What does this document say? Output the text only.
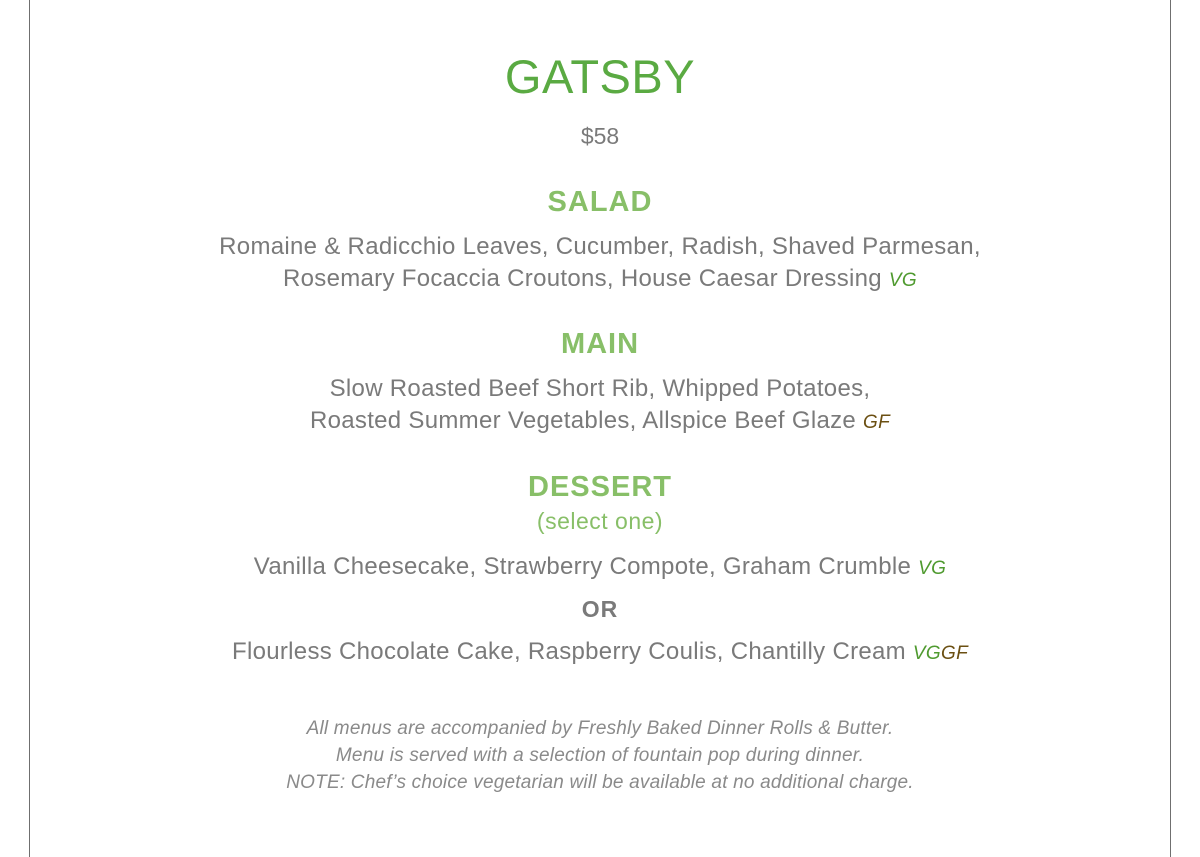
GATSBY
$58
SALAD
Romaine & Radicchio Leaves, Cucumber, Radish, Shaved Parmesan,
Rosemary Focaccia Croutons, House Caesar Dressing VG
MAIN
Slow Roasted Beef Short Rib, Whipped Potatoes,
Roasted Summer Vegetables, Allspice Beef Glaze GF
DESSERT
(select one)
Vanilla Cheesecake, Strawberry Compote, Graham Crumble VG
OR
Flourless Chocolate Cake, Raspberry Coulis, Chantilly Cream VGGF
All menus are accompanied by Freshly Baked Dinner Rolls & Butter.
Menu is served with a selection of fountain pop during dinner.
NOTE: Chef’s choice vegetarian will be available at no additional charge.
